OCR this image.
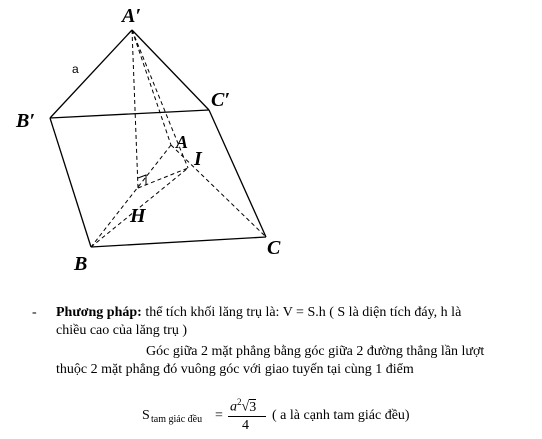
A′
B′
C′
A
I
H
B
C
a
- Phương pháp: thể tích khối lăng trụ là: V = S.h ( S là diện tích đáy, h là
chiều cao của lăng trụ )
Góc giữa 2 mặt phẳng bằng góc giữa 2 đường thẳng lần lượt
thuộc 2 mặt phẳng đó vuông góc với giao tuyến tại cùng 1 điểm
S tam giác đều =
$a^2√3$
4
( a là cạnh tam giác đều)
